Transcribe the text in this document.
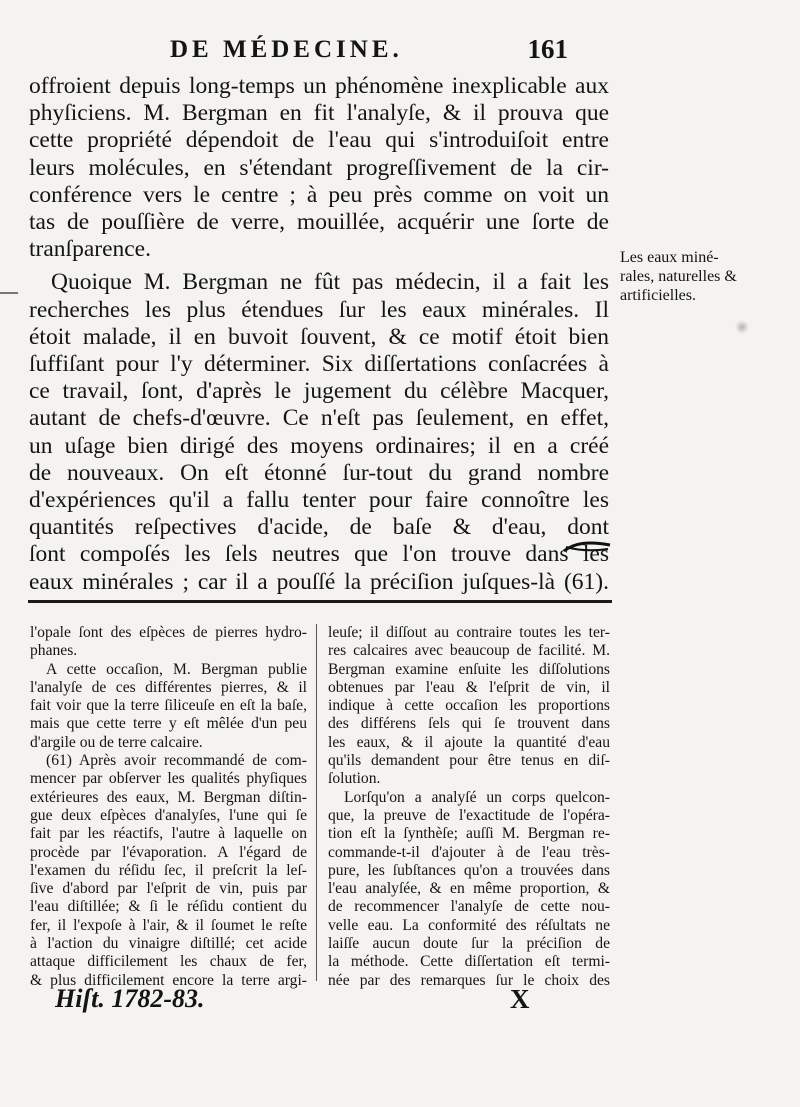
DE MÉDECINE.	161
offroient depuis long-temps un phénomène inexplicable aux
phyſiciens. M. Bergman en fit l'analyſe, & il prouva que
cette propriété dépendoit de l'eau qui s'introduiſoit entre
leurs molécules, en s'étendant progreſſivement de la cir-
conférence vers le centre ; à peu près comme on voit un
tas de pouſſière de verre, mouillée, acquérir une ſorte de
tranſparence.
Quoique M. Bergman ne fût pas médecin, il a fait les
recherches les plus étendues ſur les eaux minérales. Il
étoit malade, il en buvoit ſouvent, & ce motif étoit bien
ſuffiſant pour l'y déterminer. Six diſſertations conſacrées à
ce travail, ſont, d'après le jugement du célèbre Macquer,
autant de chefs-d'œuvre. Ce n'eſt pas ſeulement, en effet,
un uſage bien dirigé des moyens ordinaires; il en a créé
de nouveaux. On eſt étonné ſur-tout du grand nombre
d'expériences qu'il a fallu tenter pour faire connoître les
quantités reſpectives d'acide, de baſe & d'eau, dont
ſont compoſés les ſels neutres que l'on trouve dans les
eaux minérales ; car il a pouſſé la préciſion juſques-là (61).
Les eaux miné-
rales, naturelles &
artificielles.
l'opale ſont des eſpèces de pierres hydro-
phanes.
A cette occaſion, M. Bergman publie
l'analyſe de ces différentes pierres, & il
fait voir que la terre ſiliceuſe en eſt la baſe,
mais que cette terre y eſt mêlée d'un peu
d'argile ou de terre calcaire.
(61) Après avoir recommandé de com-
mencer par obſerver les qualités phyſiques
extérieures des eaux, M. Bergman diſtin-
gue deux eſpèces d'analyſes, l'une qui ſe
fait par les réactifs, l'autre à laquelle on
procède par l'évaporation. A l'égard de
l'examen du réſidu ſec, il preſcrit la leſ-
ſive d'abord par l'eſprit de vin, puis par
l'eau diſtillée; & ſi le réſidu contient du
fer, il l'expoſe à l'air, & il ſoumet le reſte
à l'action du vinaigre diſtillé; cet acide
attaque difficilement les chaux de fer,
& plus difficilement encore la terre argi-
leuſe; il diſſout au contraire toutes les ter-
res calcaires avec beaucoup de facilité. M.
Bergman examine enſuite les diſſolutions
obtenues par l'eau & l'eſprit de vin, il
indique à cette occaſion les proportions
des différens ſels qui ſe trouvent dans
les eaux, & il ajoute la quantité d'eau
qu'ils demandent pour être tenus en diſ-
ſolution.
Lorſqu'on a analyſé un corps quelcon-
que, la preuve de l'exactitude de l'opéra-
tion eſt la ſynthèſe; auſſi M. Bergman re-
commande-t-il d'ajouter à de l'eau très-
pure, les ſubſtances qu'on a trouvées dans
l'eau analyſée, & en même proportion, &
de recommencer l'analyſe de cette nou-
velle eau. La conformité des réſultats ne
laiſſe aucun doute ſur la préciſion de
la méthode. Cette diſſertation eſt termi-
née par des remarques ſur le choix des
Hiſt. 1782-83.	X
